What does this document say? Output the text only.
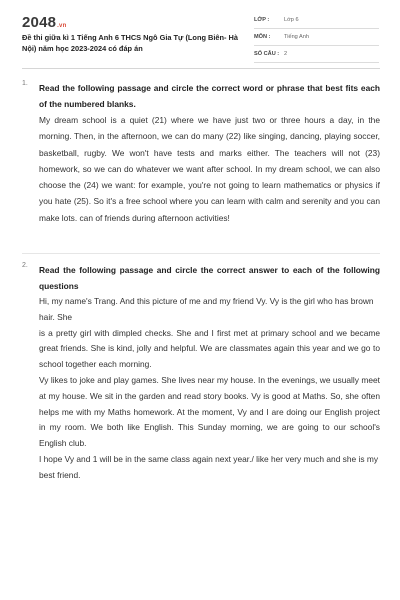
2048.vn
Đề thi giữa kì 1 Tiếng Anh 6 THCS Ngô Gia Tự (Long Biên- Hà Nội) năm học 2023-2024 có đáp án
LỚP :	Lớp 6
MÔN : Tiếng Anh
SỐ CÂU : 2
1. Read the following passage and circle the correct word or phrase that best fits each of the numbered blanks.

My dream school is a quiet (21) where we have just two or three hours a day, in the morning. Then, in the afternoon, we can do many (22) like singing, dancing, playing soccer, basketball, rugby. We won't have tests and marks either. The teachers will not (23) homework, so we can do whatever we want after school. In my dream school, we can also choose the (24) we want: for example, you're not going to learn mathematics or physics if you hate (25). So it's a free school where you can learn with calm and serenity and you can make lots. can of friends during afternoon activities!

2. Read the following passage and circle the correct answer to each of the following questions

Hi, my name's Trang. And this picture of me and my friend Vy. Vy is the girl who has brown hair. She

is a pretty girl with dimpled checks. She and I first met at primary school and we became great friends. She is kind, jolly and helpful. We are classmates again this year and we go to school together each morning.

Vy likes to joke and play games. She lives near my house. In the evenings, we usually meet at my house. We sit in the garden and read story books. Vy is good at Maths. So, she often helps me with my Maths homework. At the moment, Vy and I are doing our English project in my room. We both like English. This Sunday morning, we are going to our school's English club.

I hope Vy and 1 will be in the same class again next year./ like her very much and she is my best friend.
